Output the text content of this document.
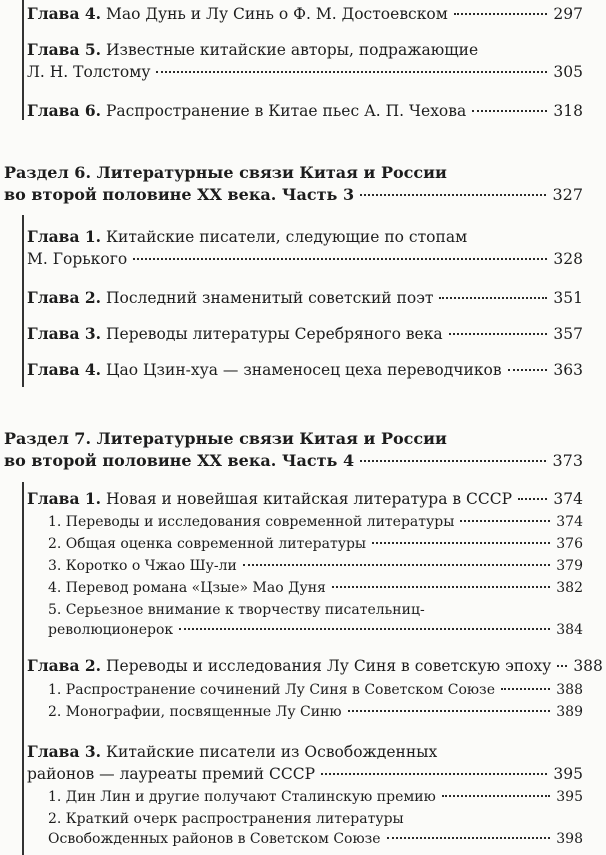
Глава 4. Мао Дунь и Лу Синь о Ф. М. Достоевском	297
Глава 5. Известные китайские авторы, подражающие
Л. Н. Толстому	305
Глава 6. Распространение в Китае пьес А. П. Чехова	318
Раздел 6. Литературные связи Китая и России
во второй половине XX века. Часть 3	327
Глава 1. Китайские писатели, следующие по стопам
М. Горького	328
Глава 2. Последний знаменитый советский поэт	351
Глава 3. Переводы литературы Серебряного века	357
Глава 4. Цао Цзин-хуа — знаменосец цеха переводчиков	363
Раздел 7. Литературные связи Китая и России
во второй половине XX века. Часть 4	373
Глава 1. Новая и новейшая китайская литература в СССР	374
1. Переводы и исследования современной литературы	374
2. Общая оценка современной литературы	376
3. Коротко о Чжао Шу-ли	379
4. Перевод романа «Цзые» Мао Дуня	382
5. Серьезное внимание к творчеству писательниц-
революционерок	384
Глава 2. Переводы и исследования Лу Синя в советскую эпоху 388
1. Распространение сочинений Лу Синя в Советском Союзе	388
2. Монографии, посвященные Лу Синю	389
Глава 3. Китайские писатели из Освобожденных
районов — лауреаты премий СССР	395
1. Дин Лин и другие получают Сталинскую премию	395
2. Краткий очерк распространения литературы
Освобожденных районов в Советском Союзе	398
